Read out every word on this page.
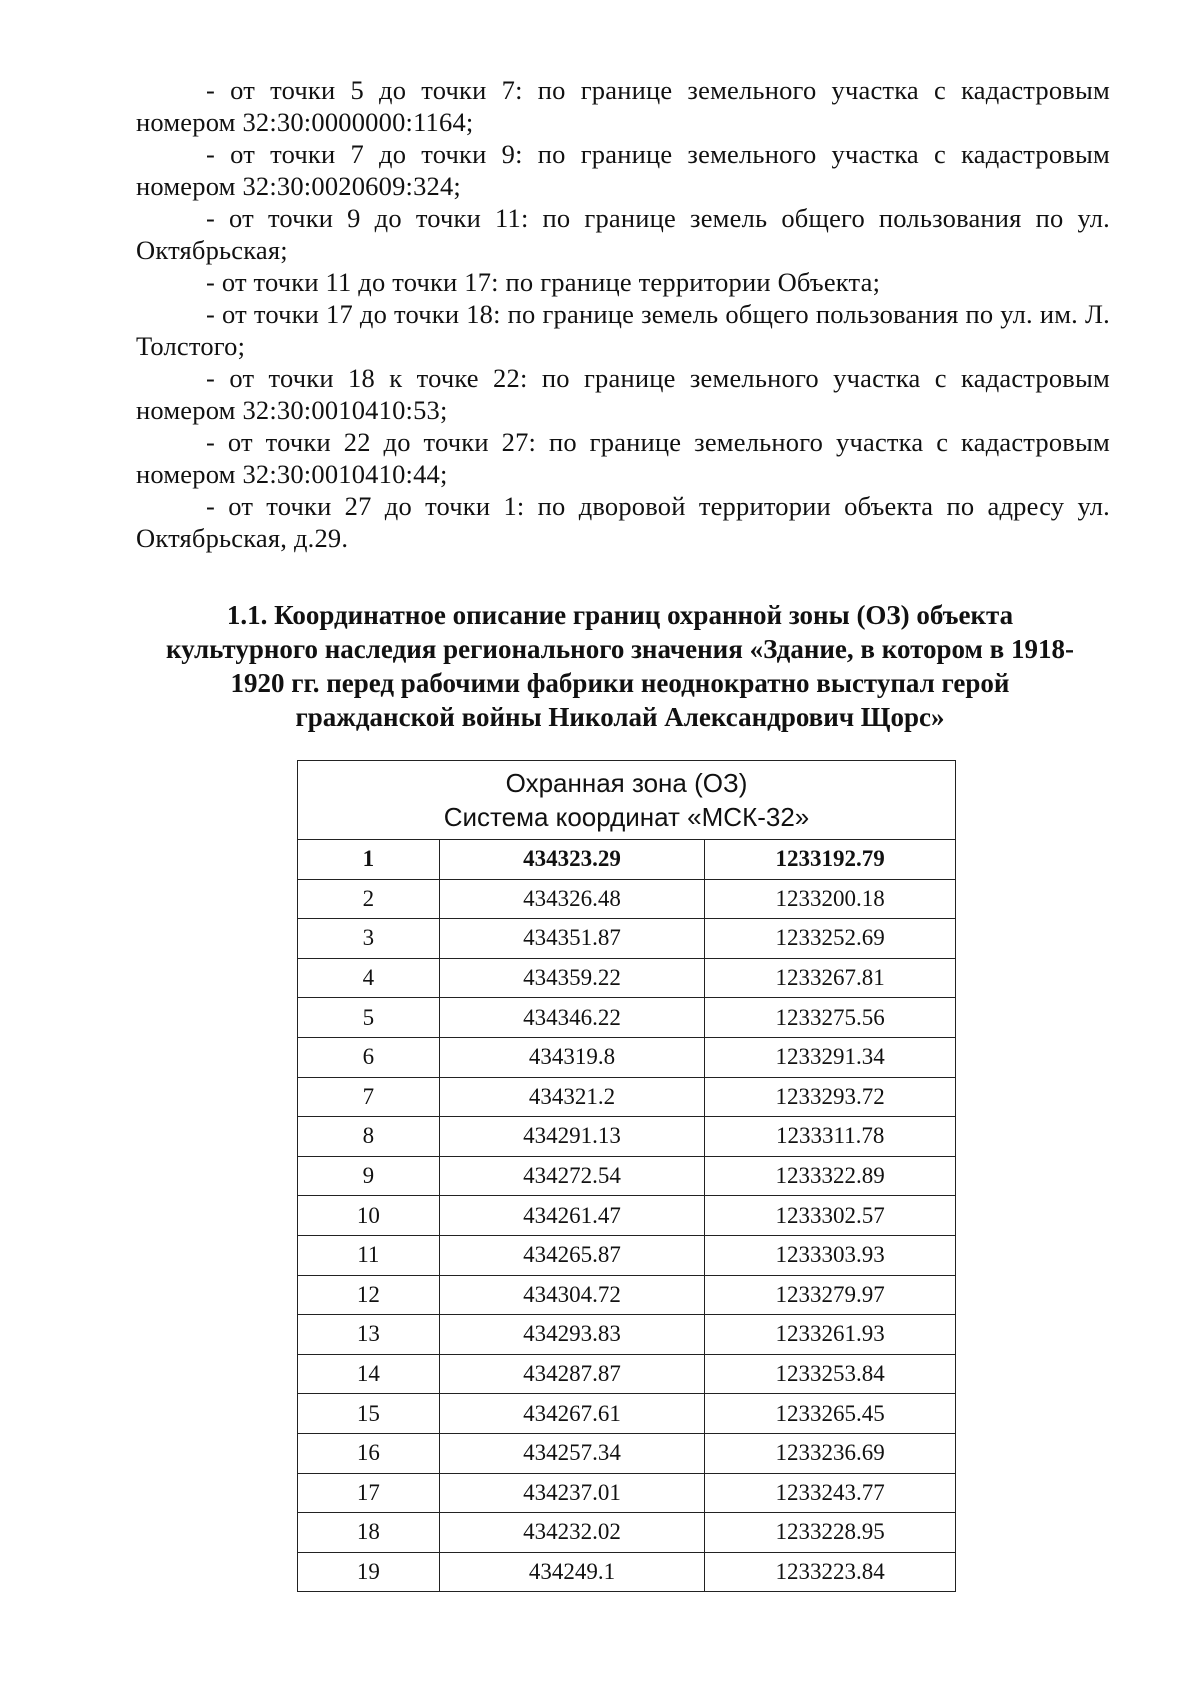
- от точки 5 до точки 7: по границе земельного участка с кадастровым номером 32:30:0000000:1164;

- от точки 7 до точки 9: по границе земельного участка с кадастровым номером 32:30:0020609:324;

- от точки 9 до точки 11: по границе земель общего пользования по ул. Октябрьская;

- от точки 11 до точки 17: по границе территории Объекта;

- от точки 17 до точки 18: по границе земель общего пользования по ул. им. Л. Толстого;

- от точки 18 к точке 22: по границе земельного участка с кадастровым номером 32:30:0010410:53;

- от точки 22 до точки 27: по границе земельного участка с кадастровым номером 32:30:0010410:44;

- от точки 27 до точки 1: по дворовой территории объекта по адресу ул. Октябрьская, д.29.

1.1. Координатное описание границ охранной зоны (ОЗ) объекта
культурного наследия регионального значения «Здание, в котором в 1918-
1920 гг. перед рабочими фабрики неоднократно выступал герой
гражданской войны Николай Александрович Щорс»
Охранная зона (ОЗ)
Система координат «МСК-32»		

1	434323.29	1233192.79
2	434326.48	1233200.18
3	434351.87	1233252.69
4	434359.22	1233267.81
5	434346.22	1233275.56
6	434319.8	1233291.34
7	434321.2	1233293.72
8	434291.13	1233311.78
9	434272.54	1233322.89
10	434261.47	1233302.57
11	434265.87	1233303.93
12	434304.72	1233279.97
13	434293.83	1233261.93
14	434287.87	1233253.84
15	434267.61	1233265.45
16	434257.34	1233236.69
17	434237.01	1233243.77
18	434232.02	1233228.95
19	434249.1	1233223.84
